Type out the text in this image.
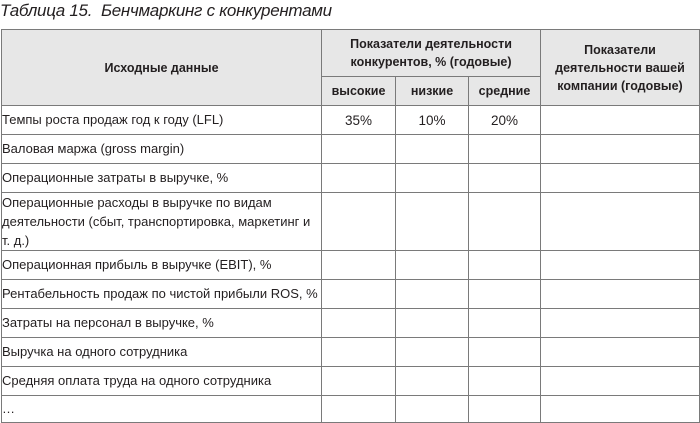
Таблица 15. Бенчмаркинг с конкурентами
Исходные данные	Показатели деятельности конкурентов, % (годовые)			Показатели деятельности вашей компании (годовые)
	высокие	низкие	средние	
Темпы роста продаж год к году (LFL)	35%	10%	20%	
Валовая маржа (gross margin)				
Операционные затраты в выручке, %				
Операционные расходы в выручке по видам деятельности (сбыт, транспортировка, маркетинг и т. д.)				
Операционная прибыль в выручке (EBIT), %				
Рентабельность продаж по чистой прибыли ROS, %				
Затраты на персонал в выручке, %				
Выручка на одного сотрудника				
Средняя оплата труда на одного сотрудника				
…				
